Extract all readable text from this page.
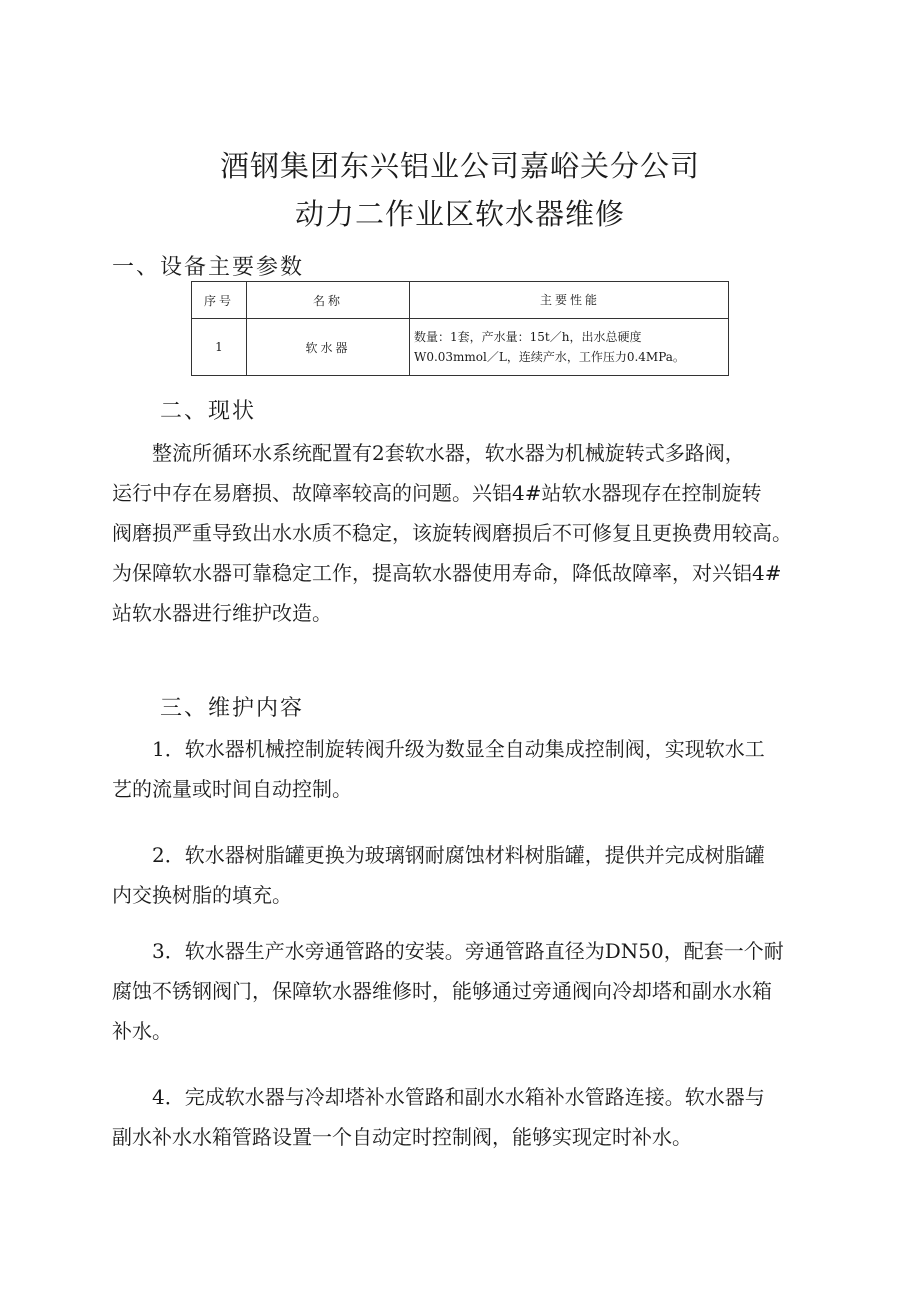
酒钢集团东兴铝业公司嘉峪关分公司
动力二作业区软水器维修
一、设备主要参数
序号	名称	主要性能
1	软水器	数量：1套，产水量：15t／h，出水总硬度
W0.03mmol／L，连续产水，工作压力0.4MPa。
二、现状
　　整流所循环水系统配置有2套软水器，软水器为机械旋转式多路阀，
运行中存在易磨损、故障率较高的问题。兴铝4#站软水器现存在控制旋转
阀磨损严重导致出水水质不稳定，该旋转阀磨损后不可修复且更换费用较高。
为保障软水器可靠稳定工作，提高软水器使用寿命，降低故障率，对兴铝4#
站软水器进行维护改造。
三、维护内容
　　1．软水器机械控制旋转阀升级为数显全自动集成控制阀，实现软水工
艺的流量或时间自动控制。
　　2．软水器树脂罐更换为玻璃钢耐腐蚀材料树脂罐，提供并完成树脂罐
内交换树脂的填充。
　　3．软水器生产水旁通管路的安装。旁通管路直径为DN50，配套一个耐
腐蚀不锈钢阀门，保障软水器维修时，能够通过旁通阀向冷却塔和副水水箱
补水。
　　4．完成软水器与冷却塔补水管路和副水水箱补水管路连接。软水器与
副水补水水箱管路设置一个自动定时控制阀，能够实现定时补水。
